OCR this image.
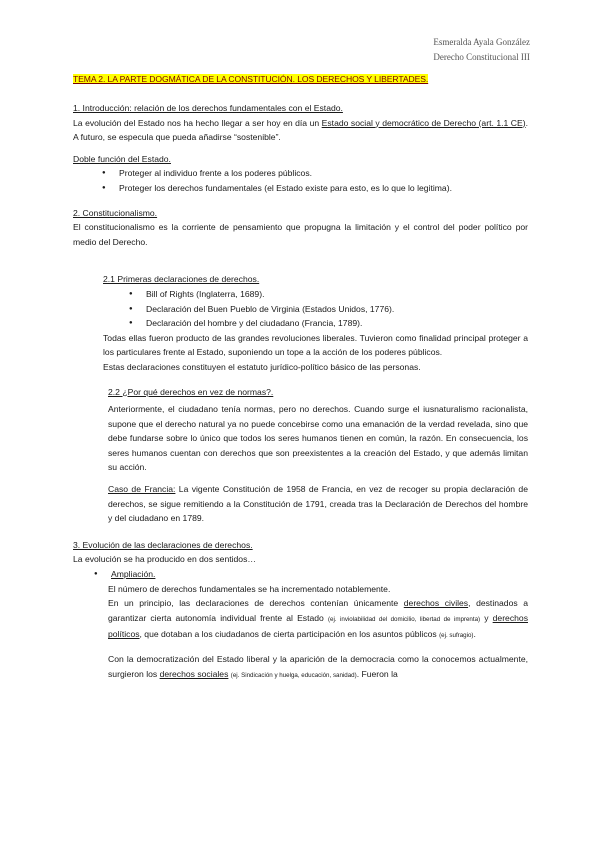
Esmeralda Ayala González
Derecho Constitucional III
TEMA 2. LA PARTE DOGMÁTICA DE LA CONSTITUCIÓN. LOS DERECHOS Y LIBERTADES.

1. Introducción: relación de los derechos fundamentales con el Estado.

La evolución del Estado nos ha hecho llegar a ser hoy en día un Estado social y democrático de Derecho (art. 1.1 CE). A futuro, se especula que pueda añadirse “sostenible”.

Doble función del Estado.

● Proteger al individuo frente a los poderes públicos.
● Proteger los derechos fundamentales (el Estado existe para esto, es lo que lo legitima).

2. Constitucionalismo.

El constitucionalismo es la corriente de pensamiento que propugna la limitación y el control del poder político por medio del Derecho.

2.1 Primeras declaraciones de derechos.

● Bill of Rights (Inglaterra, 1689).
● Declaración del Buen Pueblo de Virginia (Estados Unidos, 1776).
● Declaración del hombre y del ciudadano (Francia, 1789).

Todas ellas fueron producto de las grandes revoluciones liberales. Tuvieron como finalidad principal proteger a los particulares frente al Estado, suponiendo un tope a la acción de los poderes públicos.

Estas declaraciones constituyen el estatuto jurídico-político básico de las personas.

2.2 ¿Por qué derechos en vez de normas?.

Anteriormente, el ciudadano tenía normas, pero no derechos. Cuando surge el iusnaturalismo racionalista, supone que el derecho natural ya no puede concebirse como una emanación de la verdad revelada, sino que debe fundarse sobre lo único que todos los seres humanos tienen en común, la razón. En consecuencia, los seres humanos cuentan con derechos que son preexistentes a la creación del Estado, y que además limitan su acción.

Caso de Francia: La vigente Constitución de 1958 de Francia, en vez de recoger su propia declaración de derechos, se sigue remitiendo a la Constitución de 1791, creada tras la Declaración de Derechos del hombre y del ciudadano en 1789.

3. Evolución de las declaraciones de derechos.

La evolución se ha producido en dos sentidos…

● Ampliación.

El número de derechos fundamentales se ha incrementado notablemente.

En un principio, las declaraciones de derechos contenían únicamente derechos civiles, destinados a garantizar cierta autonomía individual frente al Estado (ej. inviolabilidad del domicilio, libertad de imprenta) y derechos políticos, que dotaban a los ciudadanos de cierta participación en los asuntos públicos (ej. sufragio).

Con la democratización del Estado liberal y la aparición de la democracia como la conocemos actualmente, surgieron los derechos sociales (ej. Sindicación y huelga, educación, sanidad). Fueron la
